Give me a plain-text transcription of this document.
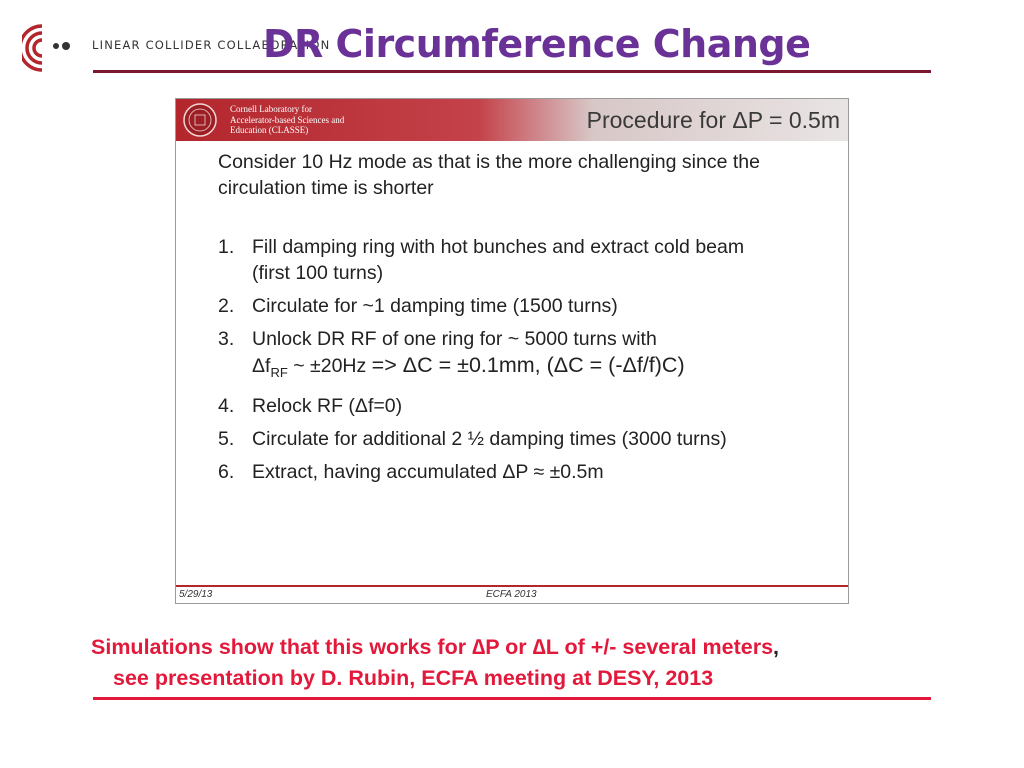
LINEAR COLLIDER COLLABORATION
DR Circumference Change
Cornell Laboratory for
Accelerator-based Sciences and
Education (CLASSE)	Procedure for ΔP = 0.5m
Consider 10 Hz mode as that is the more challenging since the
circulation time is shorter
1. Fill damping ring with hot bunches and extract cold beam
(first 100 turns)
2. Circulate for ~1 damping time (1500 turns)
3. Unlock DR RF of one ring for ~ 5000 turns with
$\Delta f_{RF}$ ~ ±20Hz => ΔC = ±0.1mm, (ΔC = (-Δf/f)C)
4. Relock RF (Δf=0)
5. Circulate for additional 2 ½ damping times (3000 turns)
6. Extract, having accumulated ΔP ≈ ±0.5m
5/29/13	ECFA 2013
Simulations show that this works for ∆P or ∆L of +/- several meters,
see presentation by D. Rubin, ECFA meeting at DESY, 2013
